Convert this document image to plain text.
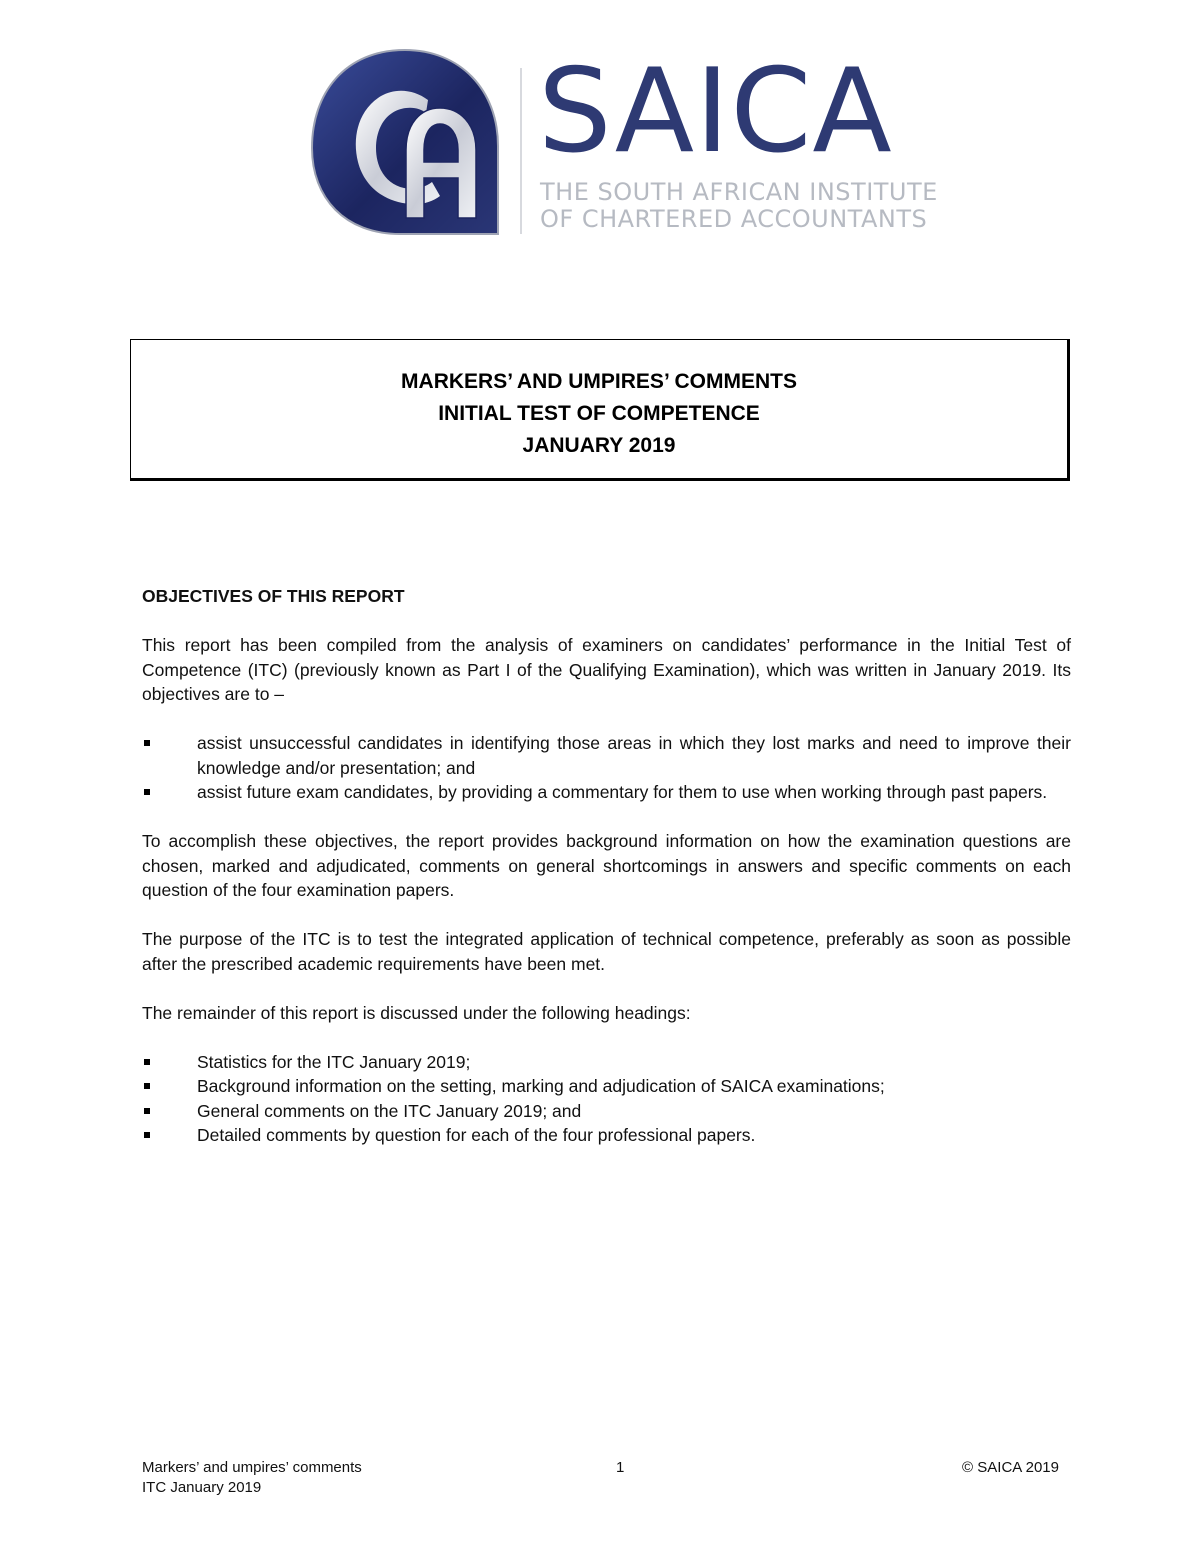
SAICA
THE SOUTH AFRICAN INSTITUTE
OF CHARTERED ACCOUNTANTS
MARKERS’ AND UMPIRES’ COMMENTS
INITIAL TEST OF COMPETENCE
JANUARY 2019
OBJECTIVES OF THIS REPORT

This report has been compiled from the analysis of examiners on candidates’ performance in the Initial Test of Competence (ITC) (previously known as Part I of the Qualifying Examination), which was written in January 2019. Its objectives are to –

assist unsuccessful candidates in identifying those areas in which they lost marks and need to improve their knowledge and/or presentation; and
assist future exam candidates, by providing a commentary for them to use when working through past papers.

To accomplish these objectives, the report provides background information on how the examination questions are chosen, marked and adjudicated, comments on general shortcomings in answers and specific comments on each question of the four examination papers.

The purpose of the ITC is to test the integrated application of technical competence, preferably as soon as possible after the prescribed academic requirements have been met.

The remainder of this report is discussed under the following headings:

Statistics for the ITC January 2019;
Background information on the setting, marking and adjudication of SAICA examinations;
General comments on the ITC January 2019; and
Detailed comments by question for each of the four professional papers.
Markers’ and umpires’ comments
ITC January 2019
1	© SAICA 2019
